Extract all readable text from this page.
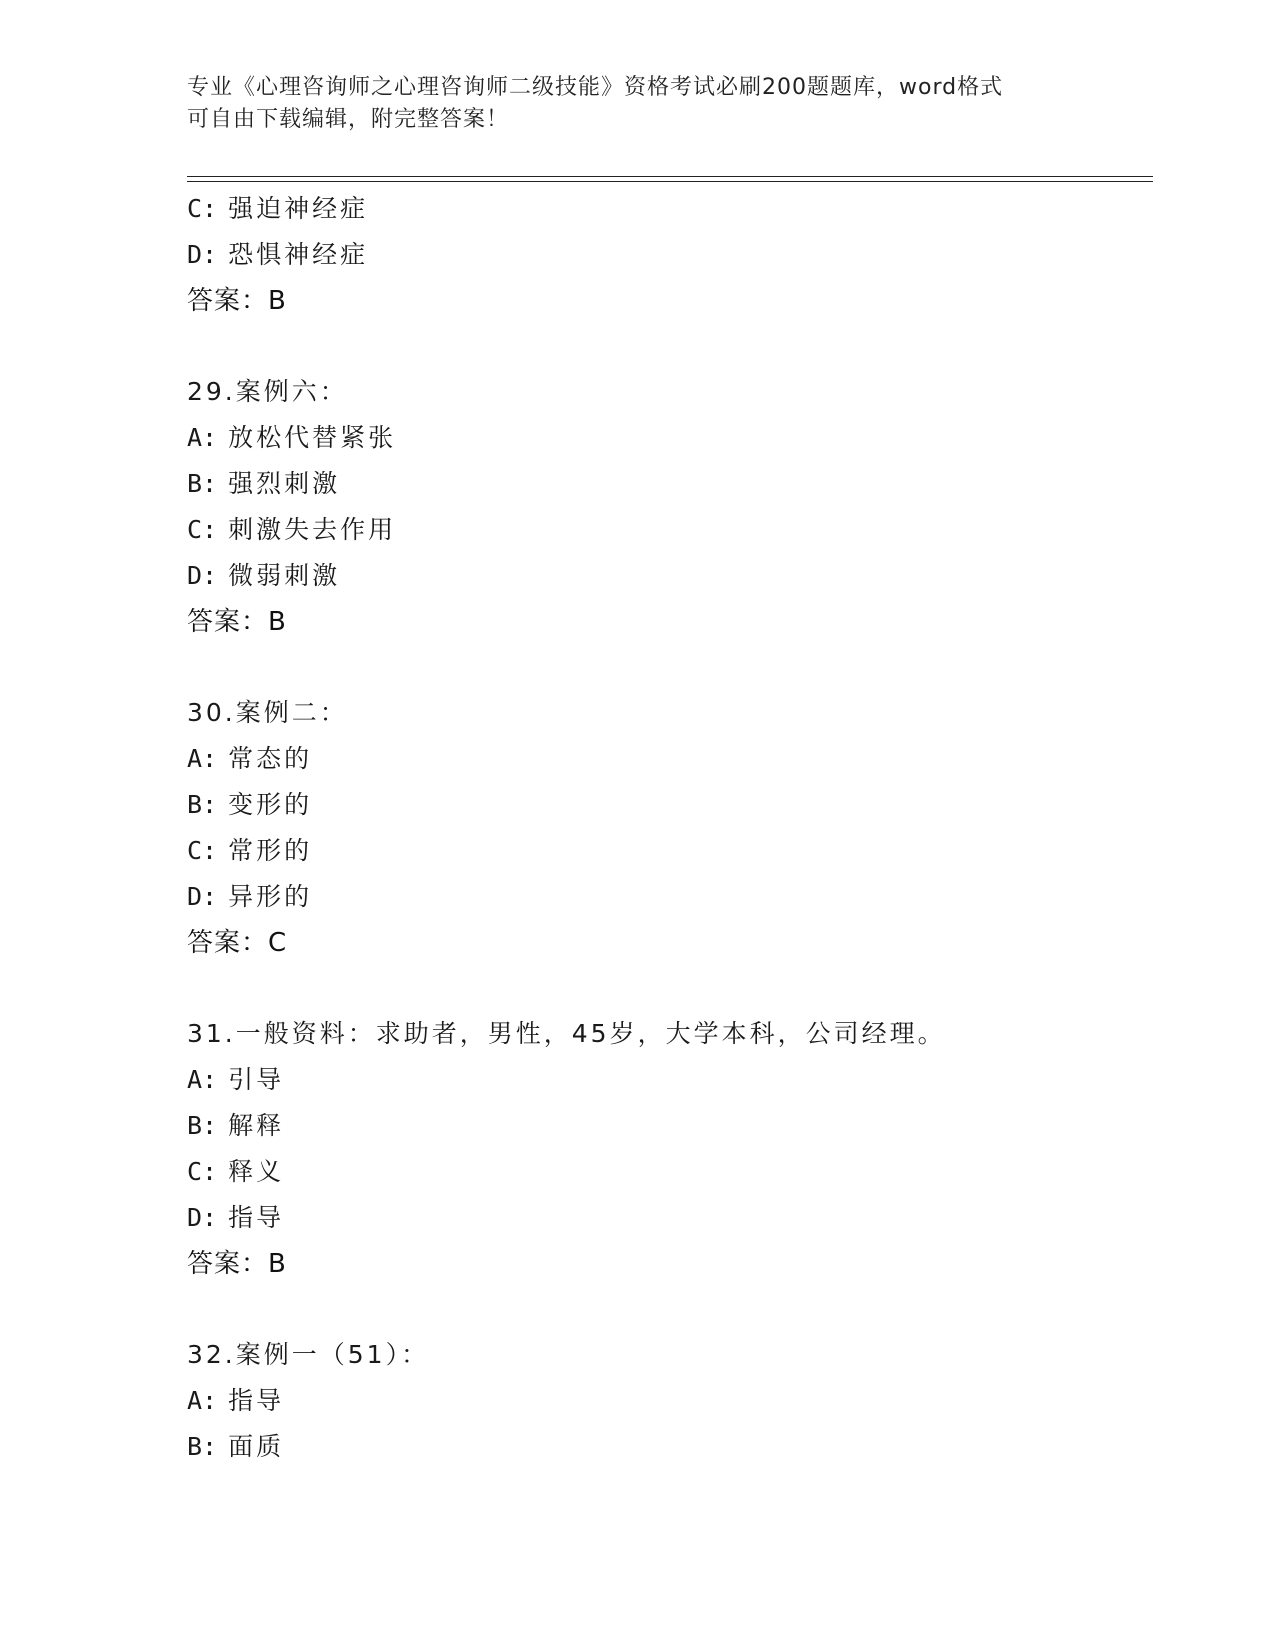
专业《心理咨询师之心理咨询师二级技能》资格考试必刷200题题库，word格式
可自由下载编辑，附完整答案！
C: 强迫神经症
D: 恐惧神经症
答案：B
29.案例六：
A: 放松代替紧张
B: 强烈刺激
C: 刺激失去作用
D: 微弱刺激
答案：B
30.案例二：
A: 常态的
B: 变形的
C: 常形的
D: 异形的
答案：C
31.一般资料：求助者，男性，45岁，大学本科，公司经理。
A: 引导
B: 解释
C: 释义
D: 指导
答案：B
32.案例一（51）：
A: 指导
B: 面质
